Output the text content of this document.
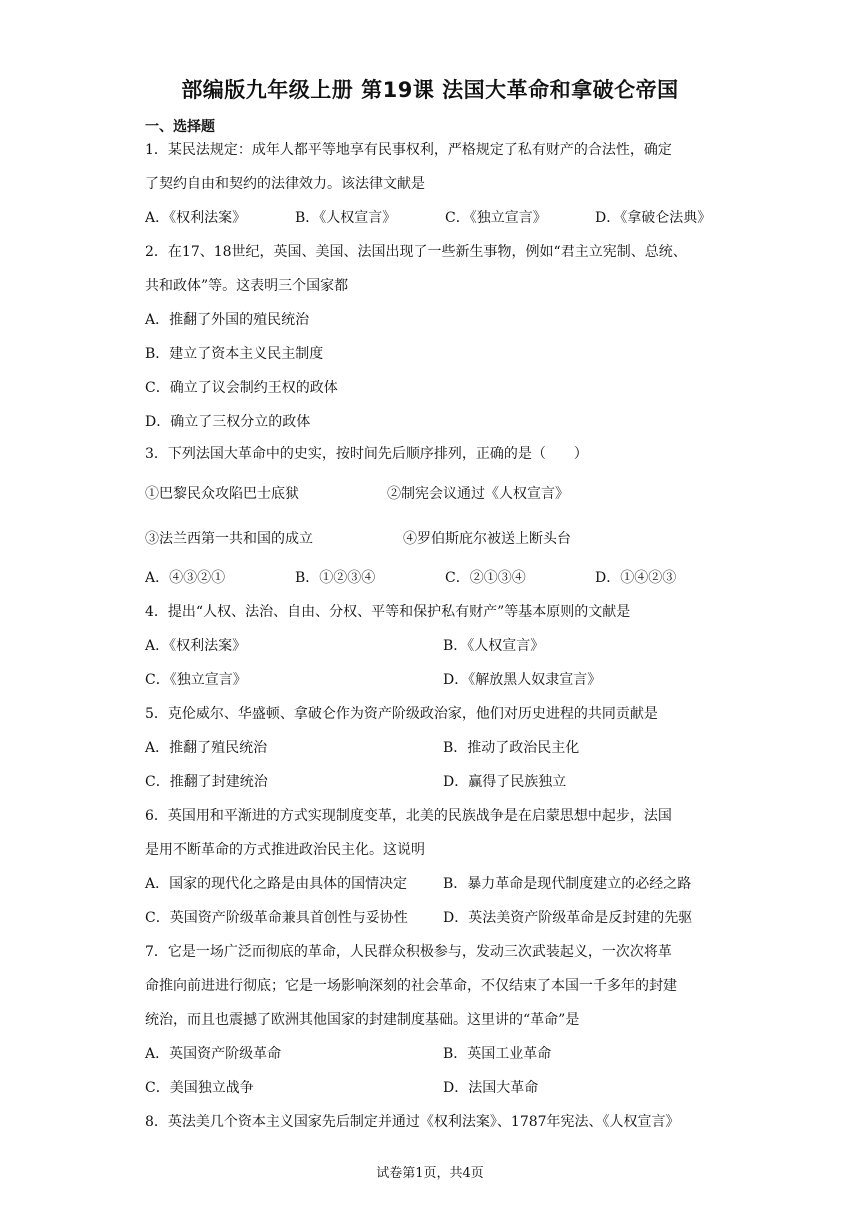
部编版九年级上册 第19课 法国大革命和拿破仑帝国
一、选择题
1．某民法规定：成年人都平等地享有民事权利，严格规定了私有财产的合法性，确定
了契约自由和契约的法律效力。该法律文献是
A．《权利法案》	B．《人权宣言》	C．《独立宣言》	D．《拿破仑法典》
2．在17、18世纪，英国、美国、法国出现了一些新生事物，例如“君主立宪制、总统、
共和政体”等。这表明三个国家都
A．推翻了外国的殖民统治
B．建立了资本主义民主制度
C．确立了议会制约王权的政体
D．确立了三权分立的政体
3．下列法国大革命中的史实，按时间先后顺序排列，正确的是（　　）
①巴黎民众攻陷巴士底狱	②制宪会议通过《人权宣言》
③法兰西第一共和国的成立	④罗伯斯庇尔被送上断头台
A．④③②①	B．①②③④	C．②①③④	D．①④②③
4．提出“人权、法治、自由、分权、平等和保护私有财产”等基本原则的文献是
A．《权利法案》	B．《人权宣言》
C．《独立宣言》	D．《解放黑人奴隶宣言》
5．克伦威尔、华盛顿、拿破仑作为资产阶级政治家，他们对历史进程的共同贡献是
A．推翻了殖民统治	B．推动了政治民主化
C．推翻了封建统治	D．赢得了民族独立
6．英国用和平渐进的方式实现制度变革，北美的民族战争是在启蒙思想中起步，法国
是用不断革命的方式推进政治民主化。这说明
A．国家的现代化之路是由具体的国情决定	B．暴力革命是现代制度建立的必经之路
C．英国资产阶级革命兼具首创性与妥协性	D．英法美资产阶级革命是反封建的先驱
7．它是一场广泛而彻底的革命，人民群众积极参与，发动三次武装起义，一次次将革
命推向前进进行彻底；它是一场影响深刻的社会革命，不仅结束了本国一千多年的封建
统治，而且也震撼了欧洲其他国家的封建制度基础。这里讲的“革命”是
A．英国资产阶级革命	B．英国工业革命
C．美国独立战争	D．法国大革命
8．英法美几个资本主义国家先后制定并通过《权利法案》、1787年宪法、《人权宣言》
试卷第1页，共4页
